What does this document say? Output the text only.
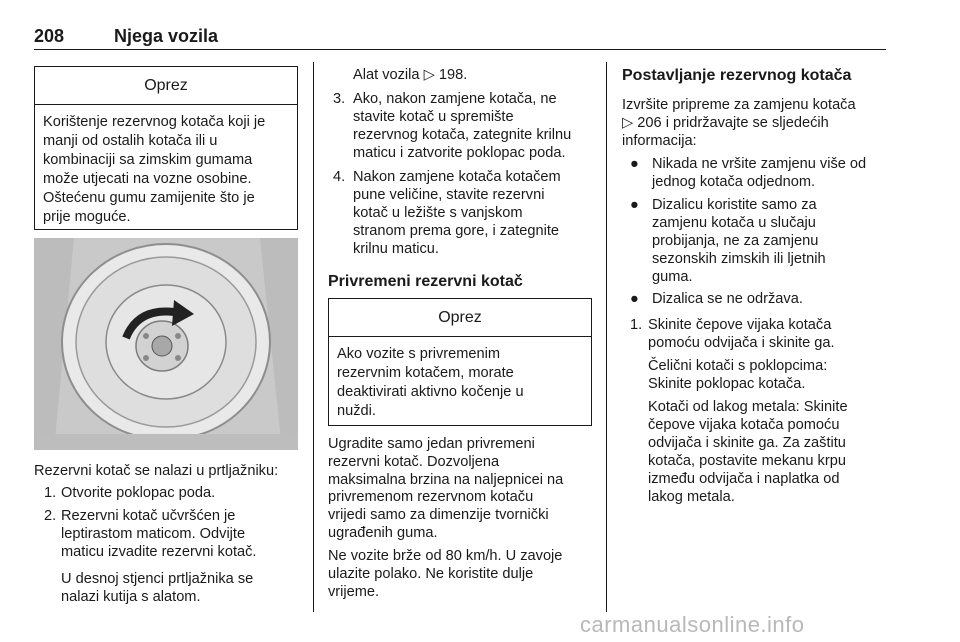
208	Njega vozila
Oprez
Korištenje rezervnog kotača koji je
manji od ostalih kotača ili u
kombinaciji sa zimskim gumama
može utjecati na vozne osobine.
Oštećenu gumu zamijenite što je
prije moguće.
Rezervni kotač se nalazi u prtljažniku:
1. Otvorite poklopac poda.
2. Rezervni kotač učvršćen je
leptirastom maticom. Odvijte
maticu izvadite rezervni kotač.
U desnoj stjenci prtljažnika se
nalazi kutija s alatom.
Alat vozila ▷ 198.
3. Ako, nakon zamjene kotača, ne
stavite kotač u spremište
rezervnog kotača, zategnite krilnu
maticu i zatvorite poklopac poda.
4. Nakon zamjene kotača kotačem
pune veličine, stavite rezervni
kotač u ležište s vanjskom
stranom prema gore, i zategnite
krilnu maticu.
Privremeni rezervni kotač
Oprez
Ako vozite s privremenim
rezervnim kotačem, morate
deaktivirati aktivno kočenje u
nuždi.
Ugradite samo jedan privremeni
rezervni kotač. Dozvoljena
maksimalna brzina na naljepnicei na
privremenom rezervnom kotaču
vrijedi samo za dimenzije tvornički
ugrađenih guma.
Ne vozite brže od 80 km/h. U zavoje
ulazite polako. Ne koristite dulje
vrijeme.
Postavljanje rezervnog kotača
Izvršite pripreme za zamjenu kotača
▷ 206 i pridržavajte se sljedećih
informacija:
● Nikada ne vršite zamjenu više od
jednog kotača odjednom.
● Dizalicu koristite samo za
zamjenu kotača u slučaju
probijanja, ne za zamjenu
sezonskih zimskih ili ljetnih
guma.
● Dizalica se ne održava.
1. Skinite čepove vijaka kotača
pomoću odvijača i skinite ga.
Čelični kotači s poklopcima:
Skinite poklopac kotača.
Kotači od lakog metala: Skinite
čepove vijaka kotača pomoću
odvijača i skinite ga. Za zaštitu
kotača, postavite mekanu krpu
između odvijača i naplatka od
lakog metala.
carmanualsonline.info
